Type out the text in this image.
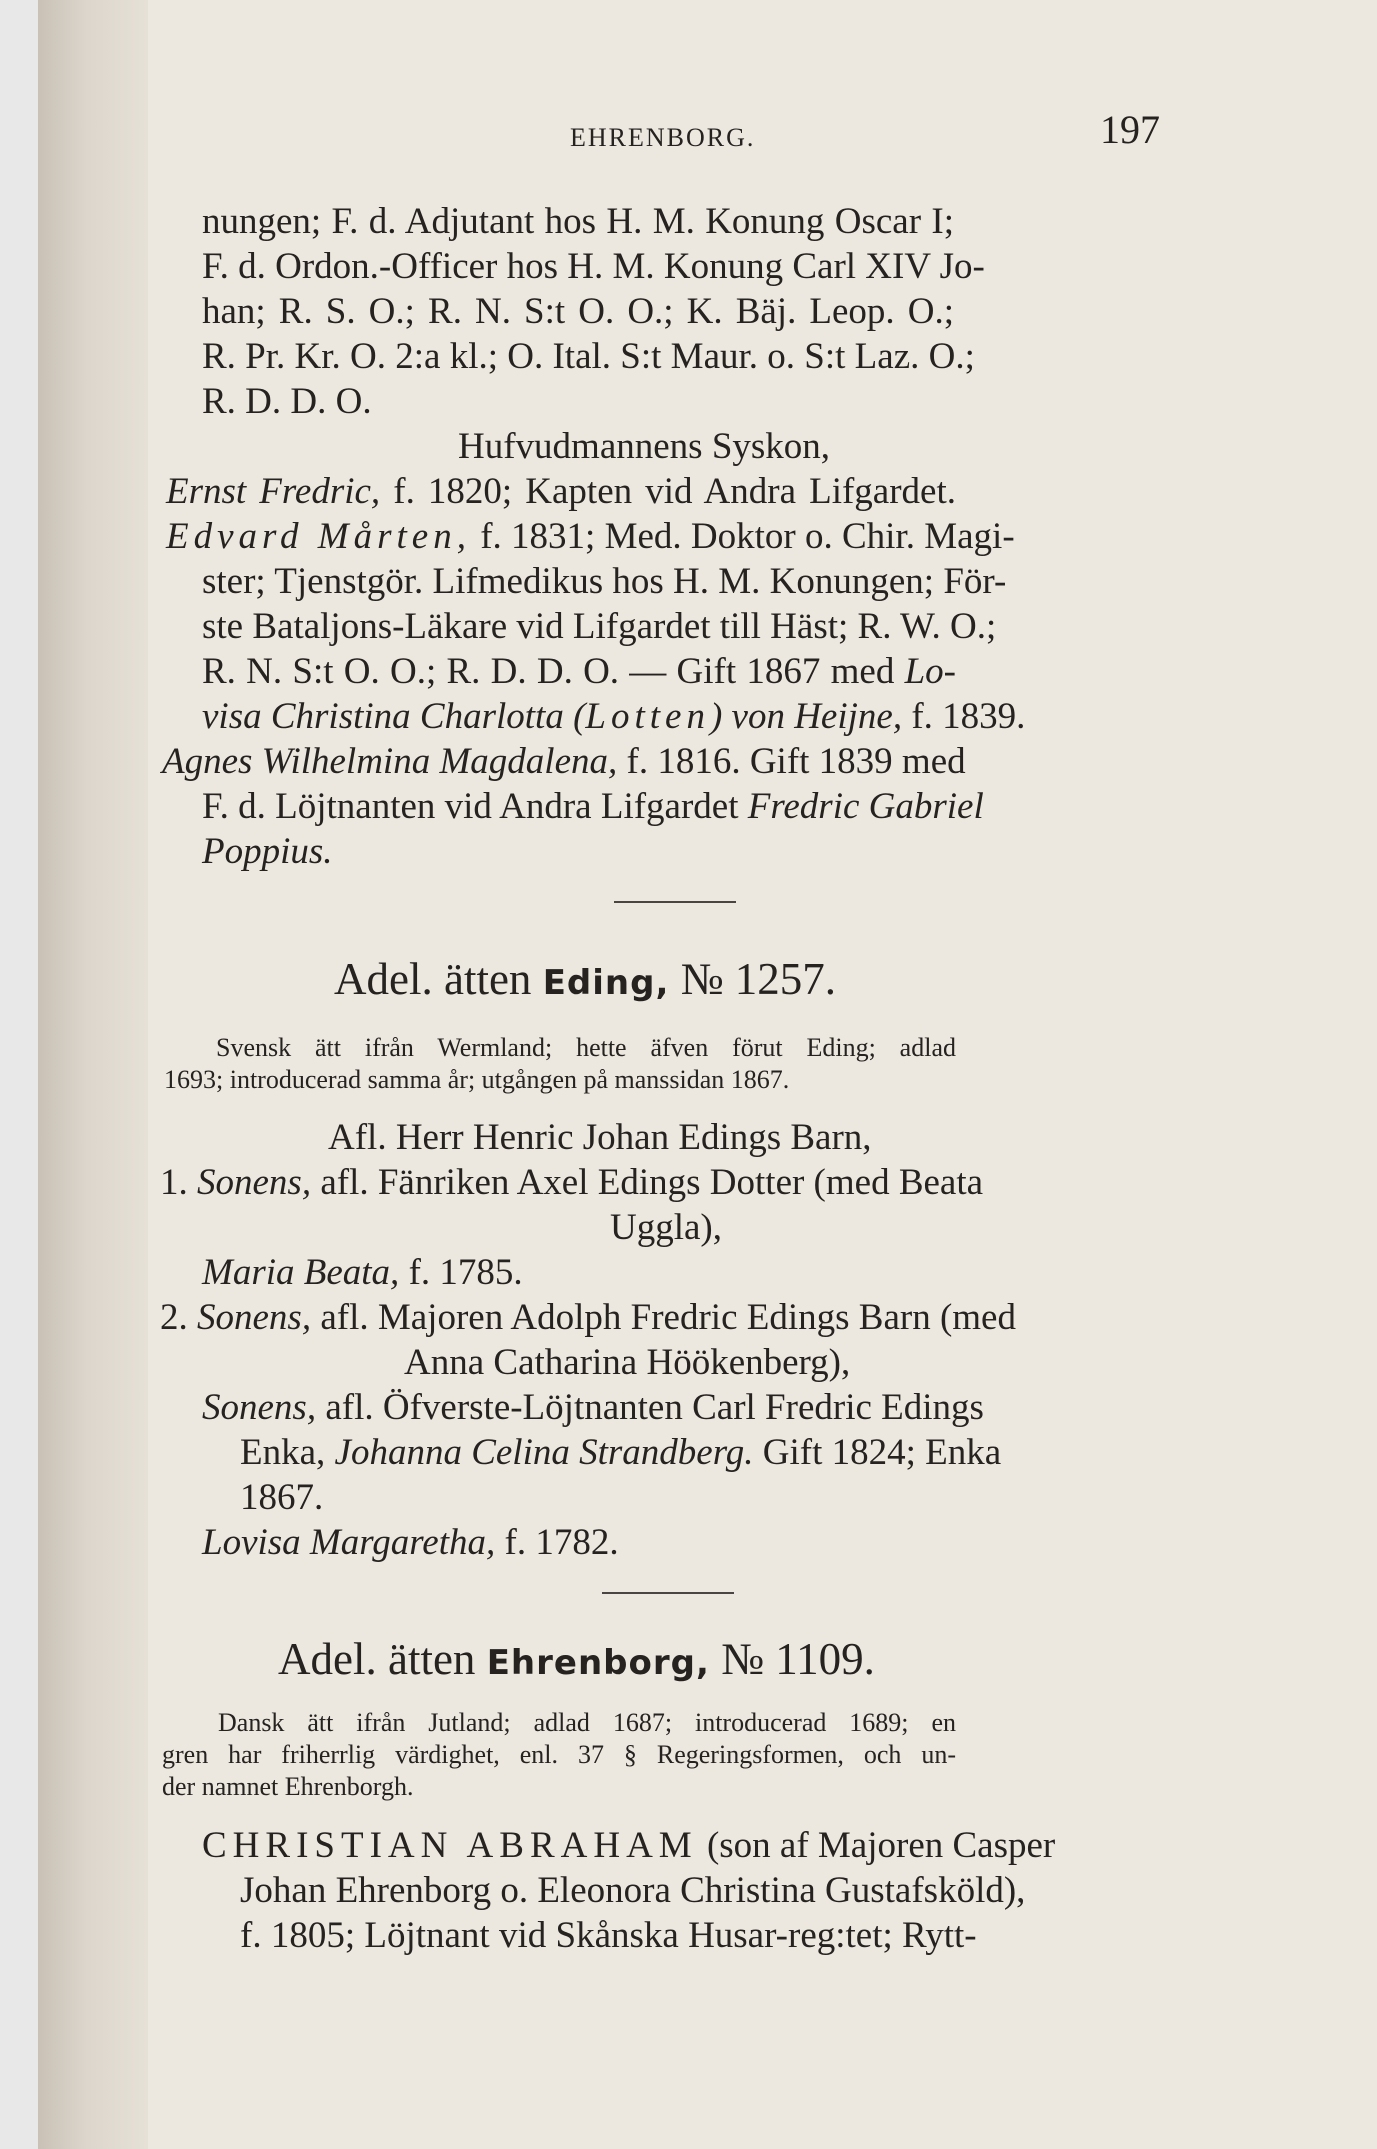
EHRENBORG.	197
nungen; F. d. Adjutant hos H. M. Konung Oscar I;
F. d. Ordon.-Officer hos H. M. Konung Carl XIV Jo-
han; R. S. O.; R. N. S:t O. O.; K. Bäj. Leop. O.;
R. Pr. Kr. O. 2:a kl.; O. Ital. S:t Maur. o. S:t Laz. O.;
R. D. D. O.
Hufvudmannens Syskon,
Ernst Fredric, f. 1820; Kapten vid Andra Lifgardet.
Edvard Mårten, f. 1831; Med. Doktor o. Chir. Magi-
ster; Tjenstgör. Lifmedikus hos H. M. Konungen; För-
ste Bataljons-Läkare vid Lifgardet till Häst; R. W. O.;
R. N. S:t O. O.; R. D. D. O. — Gift 1867 med Lo-
visa Christina Charlotta (Lotten) von Heijne, f. 1839.
Agnes Wilhelmina Magdalena, f. 1816. Gift 1839 med
F. d. Löjtnanten vid Andra Lifgardet Fredric Gabriel
Poppius.
Adel. ätten Eding, № 1257.
Svensk ätt ifrån Wermland; hette äfven förut Eding; adlad
1693; introducerad samma år; utgången på manssidan 1867.
Afl. Herr Henric Johan Edings Barn,
1. Sonens, afl. Fänriken Axel Edings Dotter (med Beata
Uggla),
Maria Beata, f. 1785.
2. Sonens, afl. Majoren Adolph Fredric Edings Barn (med
Anna Catharina Höökenberg),
Sonens, afl. Öfverste-Löjtnanten Carl Fredric Edings
Enka, Johanna Celina Strandberg. Gift 1824; Enka
1867.
Lovisa Margaretha, f. 1782.
Adel. ätten Ehrenborg, № 1109.
Dansk ätt ifrån Jutland; adlad 1687; introducerad 1689; en
gren har friherrlig värdighet, enl. 37 § Regeringsformen, och un-
der namnet Ehrenborgh.
CHRISTIAN ABRAHAM (son af Majoren Casper
Johan Ehrenborg o. Eleonora Christina Gustafsköld),
f. 1805; Löjtnant vid Skånska Husar-reg:tet; Rytt-
